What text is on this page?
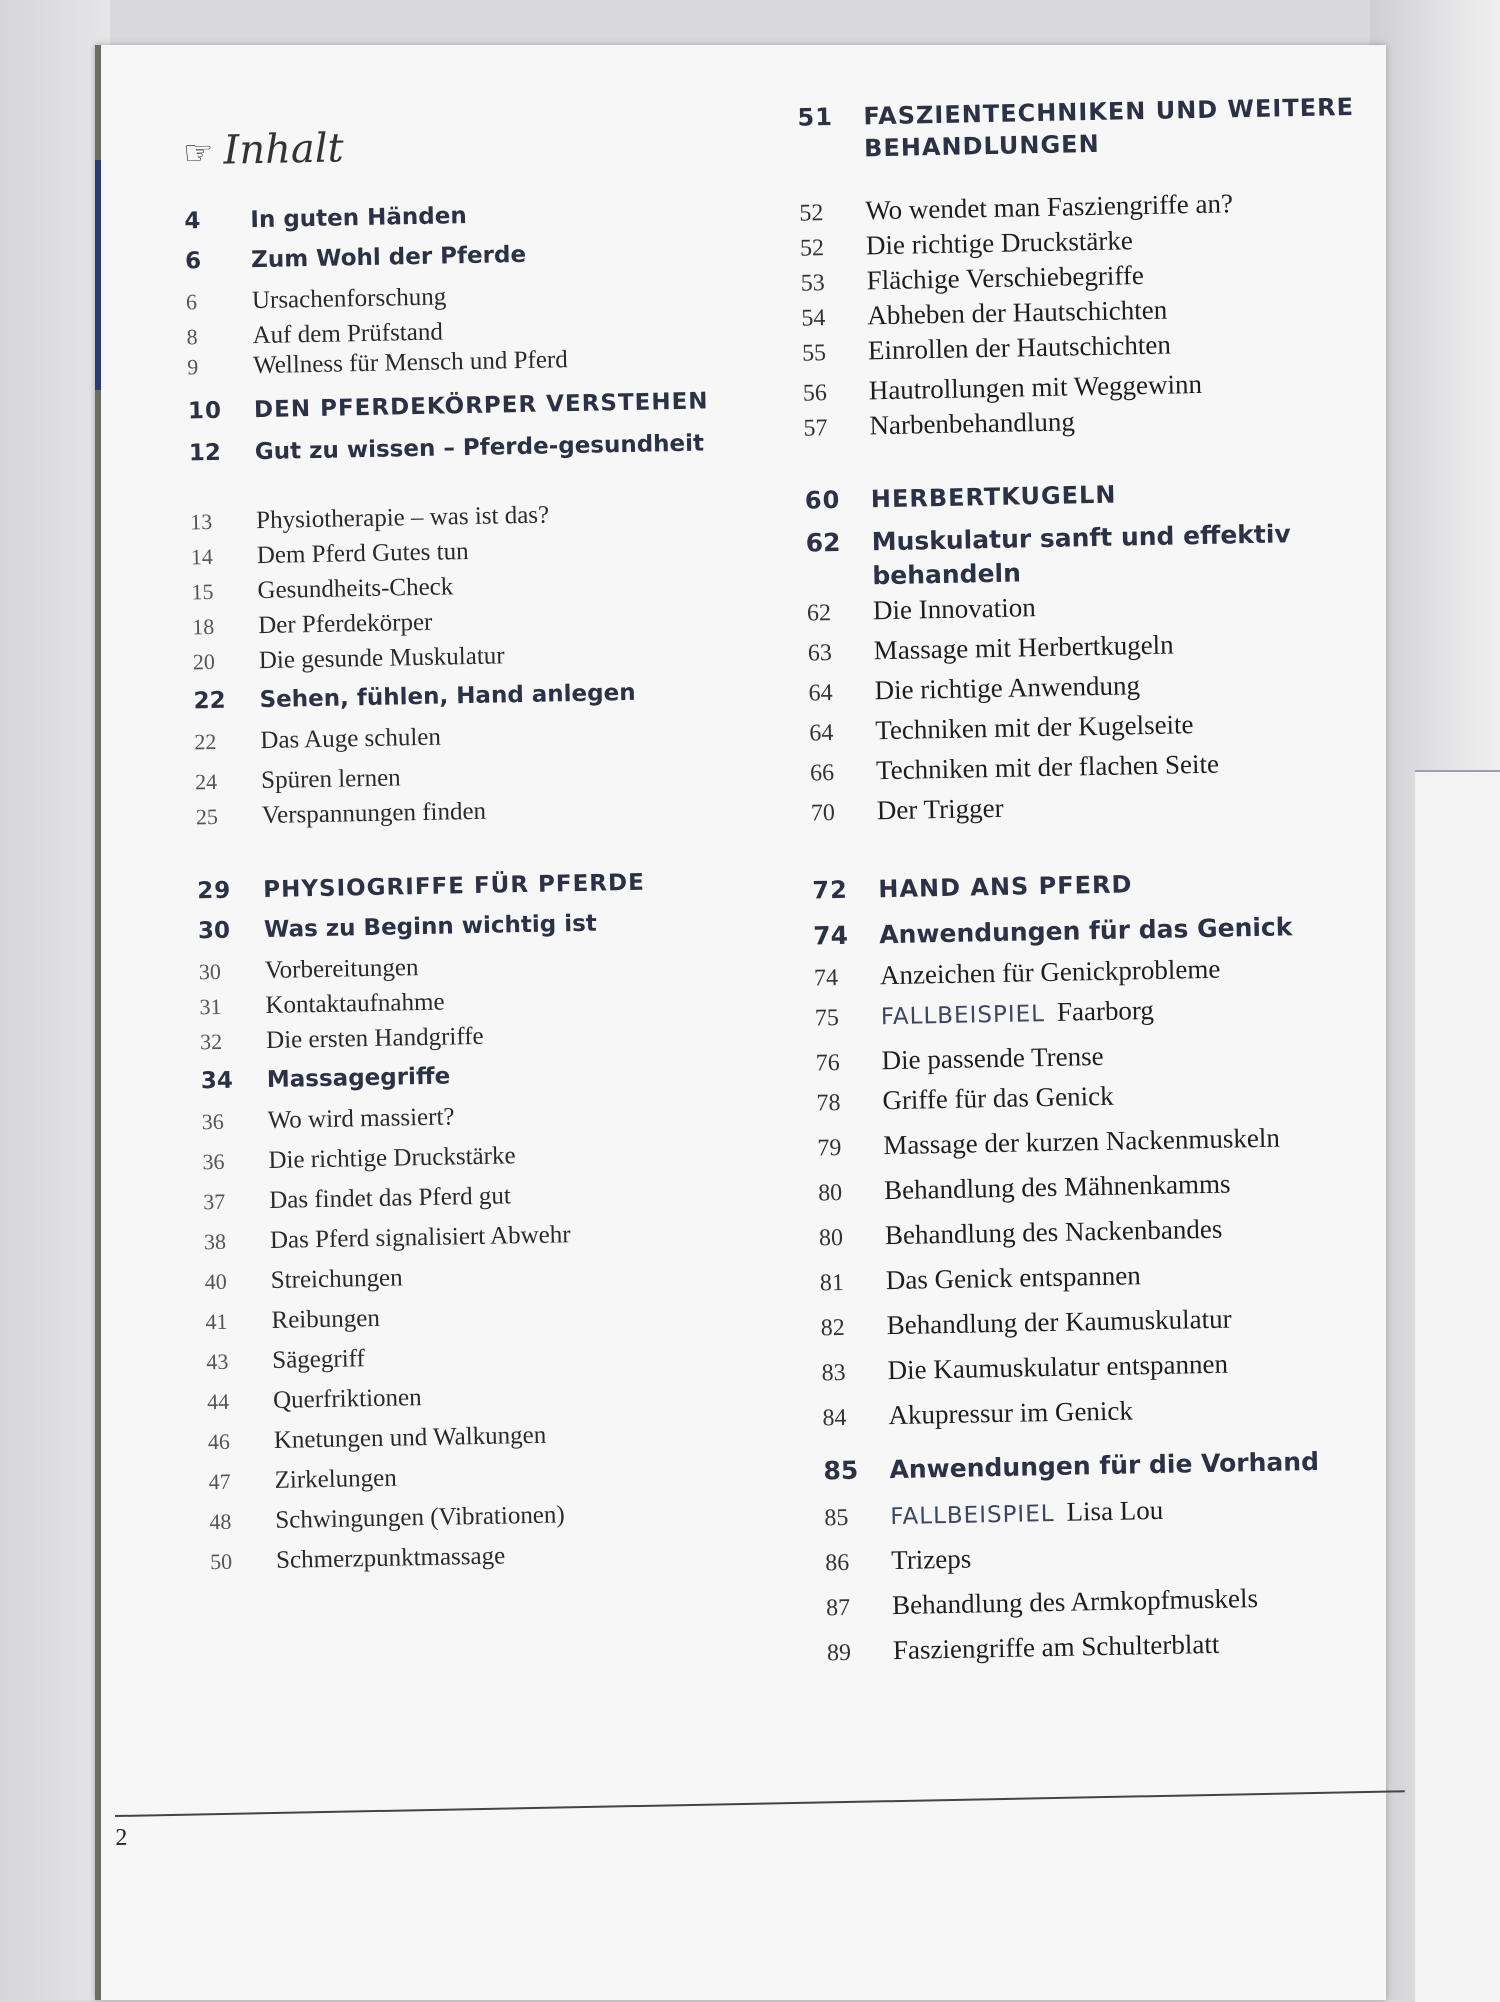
☞ Inhalt
4	In guten Händen
6	Zum Wohl der Pferde
6	Ursachenforschung
8	Auf dem Prüfstand
9	Wellness für Mensch und Pferd
10	DEN PFERDEKÖRPER VERSTEHEN
12	Gut zu wissen – Pferde-gesundheit
13	Physiotherapie – was ist das?
14	Dem Pferd Gutes tun
15	Gesundheits-Check
18	Der Pferdekörper
20	Die gesunde Muskulatur
22	Sehen, fühlen, Hand anlegen
22	Das Auge schulen
24	Spüren lernen
25	Verspannungen finden
29	PHYSIOGRIFFE FÜR PFERDE
30	Was zu Beginn wichtig ist
30	Vorbereitungen
31	Kontaktaufnahme
32	Die ersten Handgriffe
34	Massagegriffe
36	Wo wird massiert?
36	Die richtige Druckstärke
37	Das findet das Pferd gut
38	Das Pferd signalisiert Abwehr
40	Streichungen
41	Reibungen
43	Sägegriff
44	Querfriktionen
46	Knetungen und Walkungen
47	Zirkelungen
48	Schwingungen (Vibrationen)
50	Schmerzpunktmassage
51	FASZIENTECHNIKEN UND WEITERE BEHANDLUNGEN
52	Wo wendet man Fasziengriffe an?
52	Die richtige Druckstärke
53	Flächige Verschiebegriffe
54	Abheben der Hautschichten
55	Einrollen der Hautschichten
56	Hautrollungen mit Weggewinn
57	Narbenbehandlung
60	HERBERTKUGELN
62	Muskulatur sanft und effektiv behandeln
62	Die Innovation
63	Massage mit Herbertkugeln
64	Die richtige Anwendung
64	Techniken mit der Kugelseite
66	Techniken mit der flachen Seite
70	Der Trigger
72	HAND ANS PFERD
74	Anwendungen für das Genick
74	Anzeichen für Genickprobleme
75	FALLBEISPIEL Faarborg
76	Die passende Trense
78	Griffe für das Genick
79	Massage der kurzen Nackenmuskeln
80	Behandlung des Mähnenkamms
80	Behandlung des Nackenbandes
81	Das Genick entspannen
82	Behandlung der Kaumuskulatur
83	Die Kaumuskulatur entspannen
84	Akupressur im Genick
85	Anwendungen für die Vorhand
85	FALLBEISPIEL Lisa Lou
86	Trizeps
87	Behandlung des Armkopfmuskels
89	Fasziengriffe am Schulterblatt
2
